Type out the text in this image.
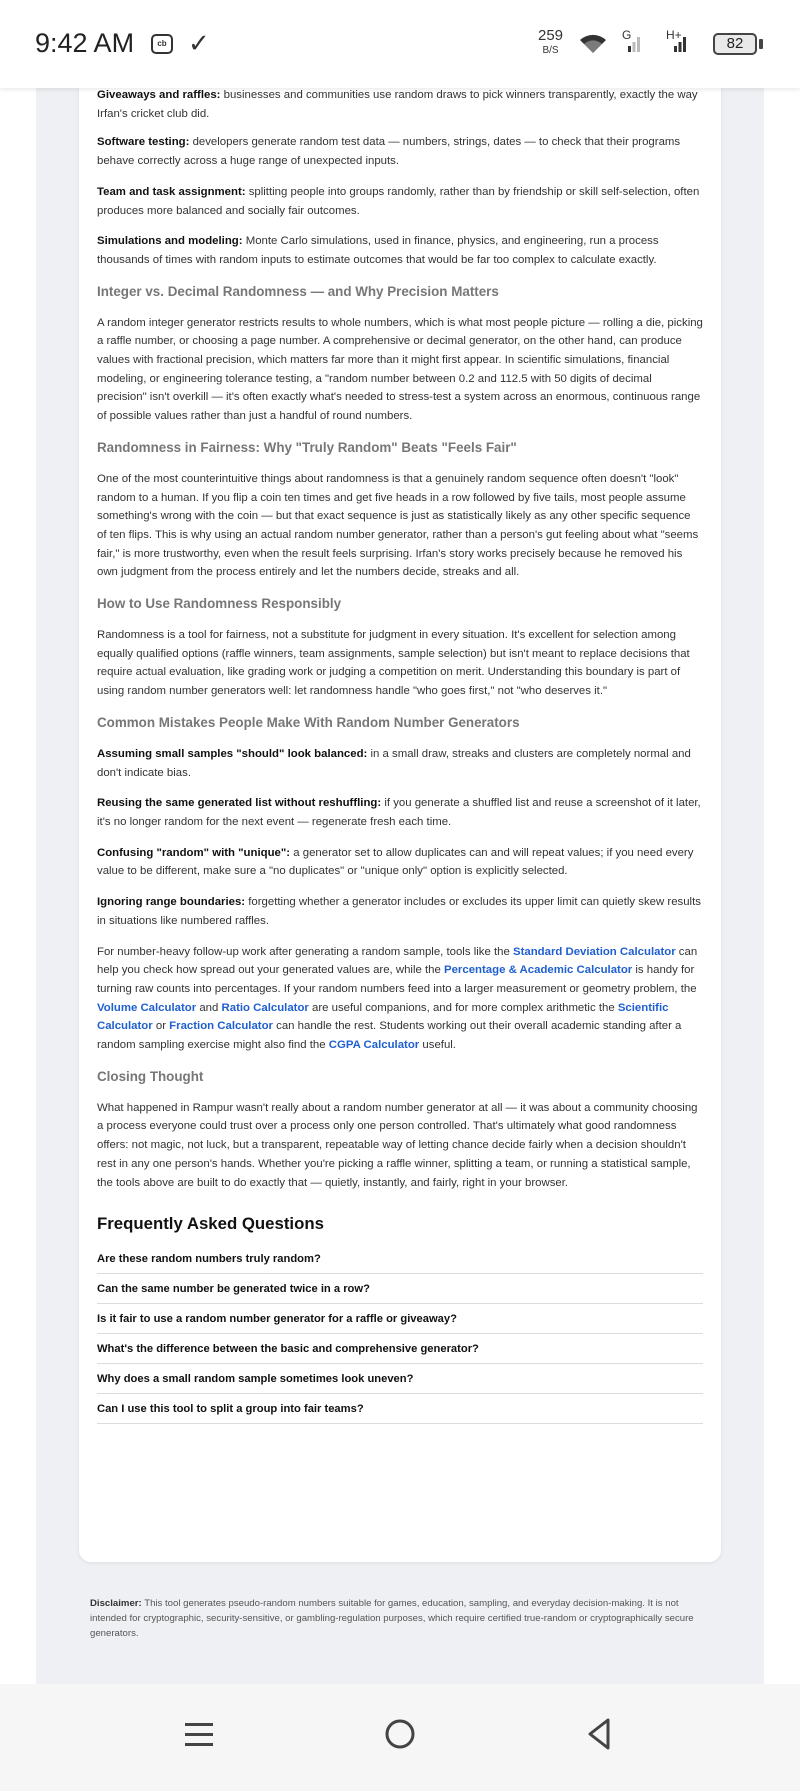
9:42 AM	cb ✓	259
B/S
G	H+	82

Giveaways and raffles: businesses and communities use random draws to pick winners transparently, exactly the way Irfan's cricket club did.

Software testing: developers generate random test data — numbers, strings, dates — to check that their programs behave correctly across a huge range of unexpected inputs.

Team and task assignment: splitting people into groups randomly, rather than by friendship or skill self-selection, often produces more balanced and socially fair outcomes.

Simulations and modeling: Monte Carlo simulations, used in finance, physics, and engineering, run a process thousands of times with random inputs to estimate outcomes that would be far too complex to calculate exactly.

Integer vs. Decimal Randomness — and Why Precision Matters

A random integer generator restricts results to whole numbers, which is what most people picture — rolling a die, picking a raffle number, or choosing a page number. A comprehensive or decimal generator, on the other hand, can produce values with fractional precision, which matters far more than it might first appear. In scientific simulations, financial modeling, or engineering tolerance testing, a "random number between 0.2 and 112.5 with 50 digits of decimal precision" isn't overkill — it's often exactly what's needed to stress-test a system across an enormous, continuous range of possible values rather than just a handful of round numbers.

Randomness in Fairness: Why "Truly Random" Beats "Feels Fair"

One of the most counterintuitive things about randomness is that a genuinely random sequence often doesn't "look" random to a human. If you flip a coin ten times and get five heads in a row followed by five tails, most people assume something's wrong with the coin — but that exact sequence is just as statistically likely as any other specific sequence of ten flips. This is why using an actual random number generator, rather than a person's gut feeling about what "seems fair," is more trustworthy, even when the result feels surprising. Irfan's story works precisely because he removed his own judgment from the process entirely and let the numbers decide, streaks and all.

How to Use Randomness Responsibly

Randomness is a tool for fairness, not a substitute for judgment in every situation. It's excellent for selection among equally qualified options (raffle winners, team assignments, sample selection) but isn't meant to replace decisions that require actual evaluation, like grading work or judging a competition on merit. Understanding this boundary is part of using random number generators well: let randomness handle "who goes first," not "who deserves it."

Common Mistakes People Make With Random Number Generators

Assuming small samples "should" look balanced: in a small draw, streaks and clusters are completely normal and don't indicate bias.

Reusing the same generated list without reshuffling: if you generate a shuffled list and reuse a screenshot of it later, it's no longer random for the next event — regenerate fresh each time.

Confusing "random" with "unique": a generator set to allow duplicates can and will repeat values; if you need every value to be different, make sure a "no duplicates" or "unique only" option is explicitly selected.

Ignoring range boundaries: forgetting whether a generator includes or excludes its upper limit can quietly skew results in situations like numbered raffles.

For number-heavy follow-up work after generating a random sample, tools like the Standard Deviation Calculator can help you check how spread out your generated values are, while the Percentage & Academic Calculator is handy for turning raw counts into percentages. If your random numbers feed into a larger measurement or geometry problem, the Volume Calculator and Ratio Calculator are useful companions, and for more complex arithmetic the Scientific Calculator or Fraction Calculator can handle the rest. Students working out their overall academic standing after a random sampling exercise might also find the CGPA Calculator useful.

Closing Thought

What happened in Rampur wasn't really about a random number generator at all — it was about a community choosing a process everyone could trust over a process only one person controlled. That's ultimately what good randomness offers: not magic, not luck, but a transparent, repeatable way of letting chance decide fairly when a decision shouldn't rest in any one person's hands. Whether you're picking a raffle winner, splitting a team, or running a statistical sample, the tools above are built to do exactly that — quietly, instantly, and fairly, right in your browser.

Frequently Asked Questions
Are these random numbers truly random?
Can the same number be generated twice in a row?
Is it fair to use a random number generator for a raffle or giveaway?
What's the difference between the basic and comprehensive generator?
Why does a small random sample sometimes look uneven?
Can I use this tool to split a group into fair teams?

Disclaimer: This tool generates pseudo-random numbers suitable for games, education, sampling, and everyday decision-making. It is not intended for cryptographic, security-sensitive, or gambling-regulation purposes, which require certified true-random or cryptographically secure generators.
